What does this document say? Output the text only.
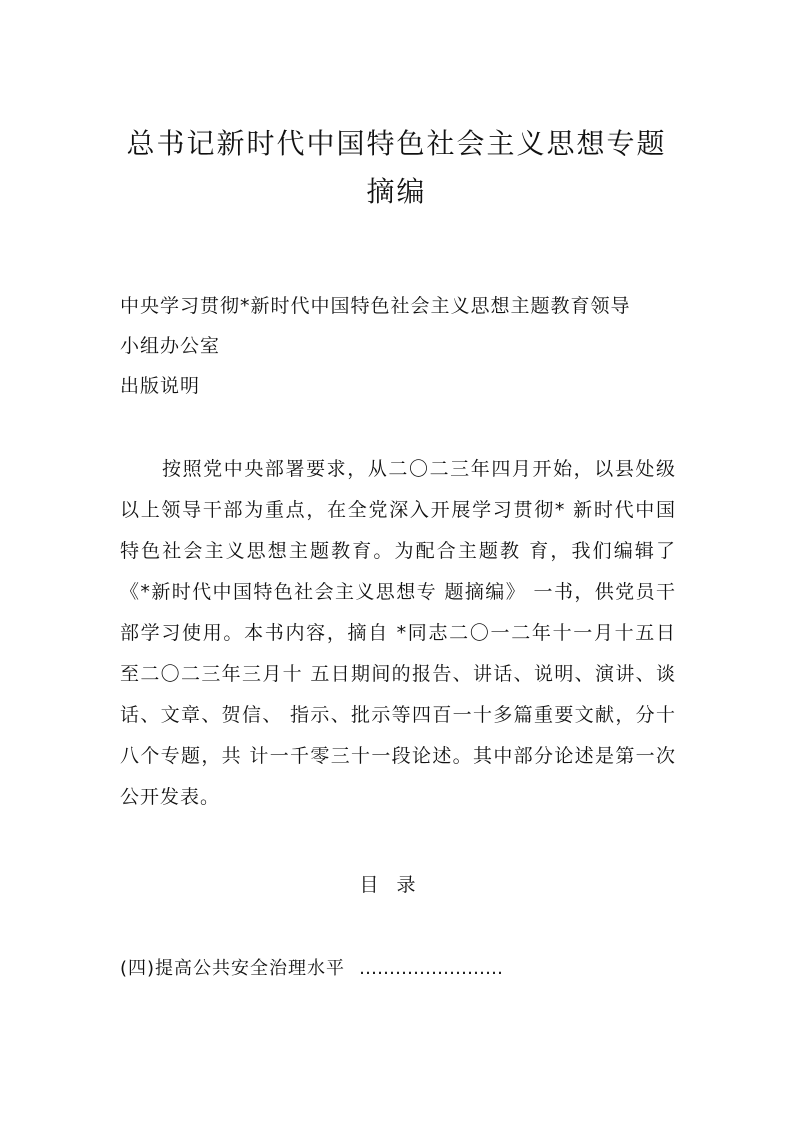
总书记新时代中国特色社会主义思想专题
摘编
中央学习贯彻*新时代中国特色社会主义思想主题教育领导
小组办公室
出版说明

按照党中央部署要求，从二〇二三年四月开始，以县处级以上领导干部为重点，在全党深入开展学习贯彻* 新时代中国特色社会主义思想主题教育。为配合主题教 育，我们编辑了《*新时代中国特色社会主义思想专 题摘编》 一书，供党员干部学习使用。本书内容，摘自 *同志二〇一二年十一月十五日至二〇二三年三月十 五日期间的报告、讲话、说明、演讲、谈话、文章、贺信、 指示、批示等四百一十多篇重要文献，分十八个专题，共 计一千零三十一段论述。其中部分论述是第一次公开发表。

目录
(四)提高公共安全治理水平 ……………………
